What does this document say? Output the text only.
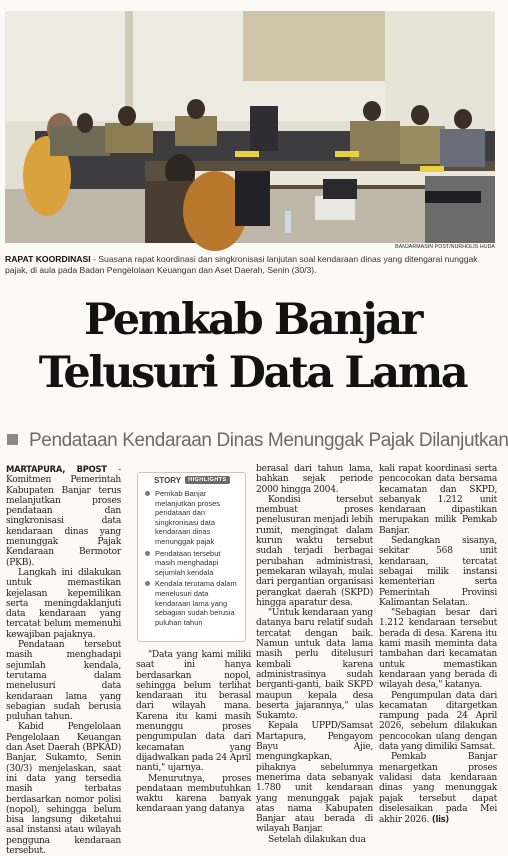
BANJARMASIN POST/NURHOLIS HUDA
RAPAT KOORDINASI - Suasana rapat koordinasi dan singkronisasi lanjutan soal kendaraan dinas yang ditengarai nunggak pajak, di aula pada Badan Pengelolaan Keuangan dan Aset Daerah, Senin (30/3).
Pemkab Banjar
Telusuri Data Lama
Pendataan Kendaraan Dinas Menunggak Pajak Dilanjutkan

MARTAPURA, BPOST - Komitmen Pemerintah Kabupaten Banjar terus melanjutkan proses pendataan dan singkronisasi data kendaraan dinas yang menunggak Pajak Kendaraan Bermotor (PKB).

Langkah ini dilakukan untuk memastikan kejelasan kepemilikan serta meningdaklanjuti data kendaraan yang tercatat belum memenuhi kewajiban pajaknya.

Pendataan tersebut masih menghadapi sejumlah kendala, terutama dalam menelusuri data kendaraan lama yang sebagian sudah berusia puluhan tahun.

Kabid Pengelolaan Pengelolaan Keuangan dan Aset Daerah (BPKAD) Banjar, Sukamto, Senin (30/3) menjelaskan, saat ini data yang tersedia masih terbatas berdasarkan nomor polisi (nopol), sehingga belum bisa langsung diketahui asal instansi atau wilayah pengguna kendaraan tersebut.

STORY	HIGHLIGHTS
Pemkab Banjar melanjutkan proses pendataan dan singkronisasi data kendaraan dinas menunggak pajak
Pendataan tersebut masih menghadapi sejumlah kendala
Kendala terutama dalam menelusuri data kendaraan lama yang sebagian sudah berusia puluhan tahun

"Data yang kami miliki saat ini hanya berdasarkan nopol, sehingga belum terlihat kendaraan itu berasal dari wilayah mana. Karena itu kami masih menunggu proses pengumpulan data dari kecamatan yang dijadwalkan pada 24 April nanti," ujarnya.

Menurutnya, proses pendataan membutuhkan waktu karena banyak kendaraan yang datanya

berasal dari tahun lama, bahkan sejak periode 2000 hingga 2004.

Kondisi tersebut membuat proses penelusuran menjadi lebih rumit, mengingat dalam kurun waktu tersebut sudah terjadi berbagai perubahan administrasi, pemekaran wilayah, mulai dari pergantian organisasi perangkat daerah (SKPD) hingga aparatur desa.

"Untuk kendaraan yang datanya baru relatif sudah tercatat dengan baik. Namun untuk data lama masih perlu ditelusuri kembali karena administrasinya sudah berganti-ganti, baik SKPD maupun kepala desa beserta jajarannya," ulas Sukamto.

Kepala UPPD/Samsat Martapura, Pengayom Bayu Ajie, mengungkapkan, pihaknya sebelumnya menerima data sebanyak 1.780 unit kendaraan yang menunggak pajak atas nama Kabupaten Banjar atau berada di wilayah Banjar.

Setelah dilakukan dua

kali rapat koordinasi serta pencocokan data bersama kecamatan dan SKPD, sebanyak 1.212 unit kendaraan dipastikan merupakan milik Pemkab Banjar.

Sedangkan sisanya, sekitar 568 unit kendaraan, tercatat sebagai milik instansi kementerian serta Pemerintah Provinsi Kalimantan Selatan.

"Sebagian besar dari 1.212 kendaraan tersebut berada di desa. Karena itu kami masih meminta data tambahan dari kecamatan untuk memastikan kendaraan yang berada di wilayah desa," katanya.

Pengumpulan data dari kecamatan ditargetkan rampung pada 24 April 2026, sebelum dilakukan pencocokan ulang dengan data yang dimiliki Samsat.

Pemkab Banjar menargetkan proses validasi data kendaraan dinas yang menunggak pajak tersebut dapat diselesaikan pada Mei akhir 2026. (lis)
